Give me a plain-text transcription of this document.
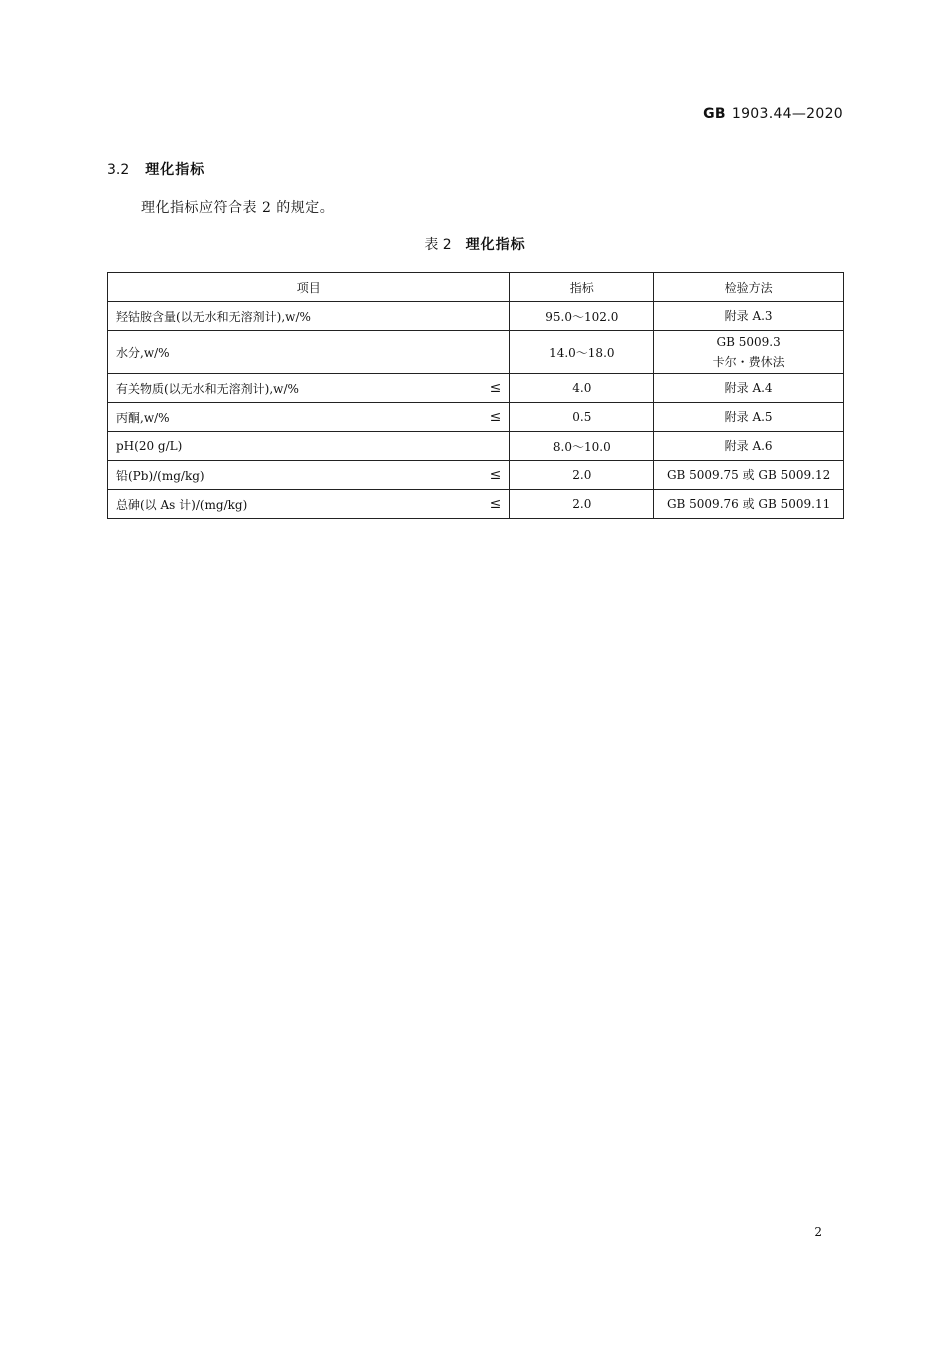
GB 1903.44—2020
3.2 理化指标
理化指标应符合表 2 的规定。
表 2 理化指标
项目	指标	检验方法
羟钴胺含量(以无水和无溶剂计),w/%	95.0～102.0	附录 A.3

水分,w/%	14.0～18.0	GB 5009.3
卡尔・费休法

有关物质(以无水和无溶剂计),w/% ≤	4.0	附录 A.4

丙酮,w/% ≤	0.5	附录 A.5

pH(20 g/L)	8.0～10.0	附录 A.6

铅(Pb)/(mg/kg) ≤	2.0	GB 5009.75 或 GB 5009.12

总砷(以 As 计)/(mg/kg) ≤	2.0	GB 5009.76 或 GB 5009.11
2
